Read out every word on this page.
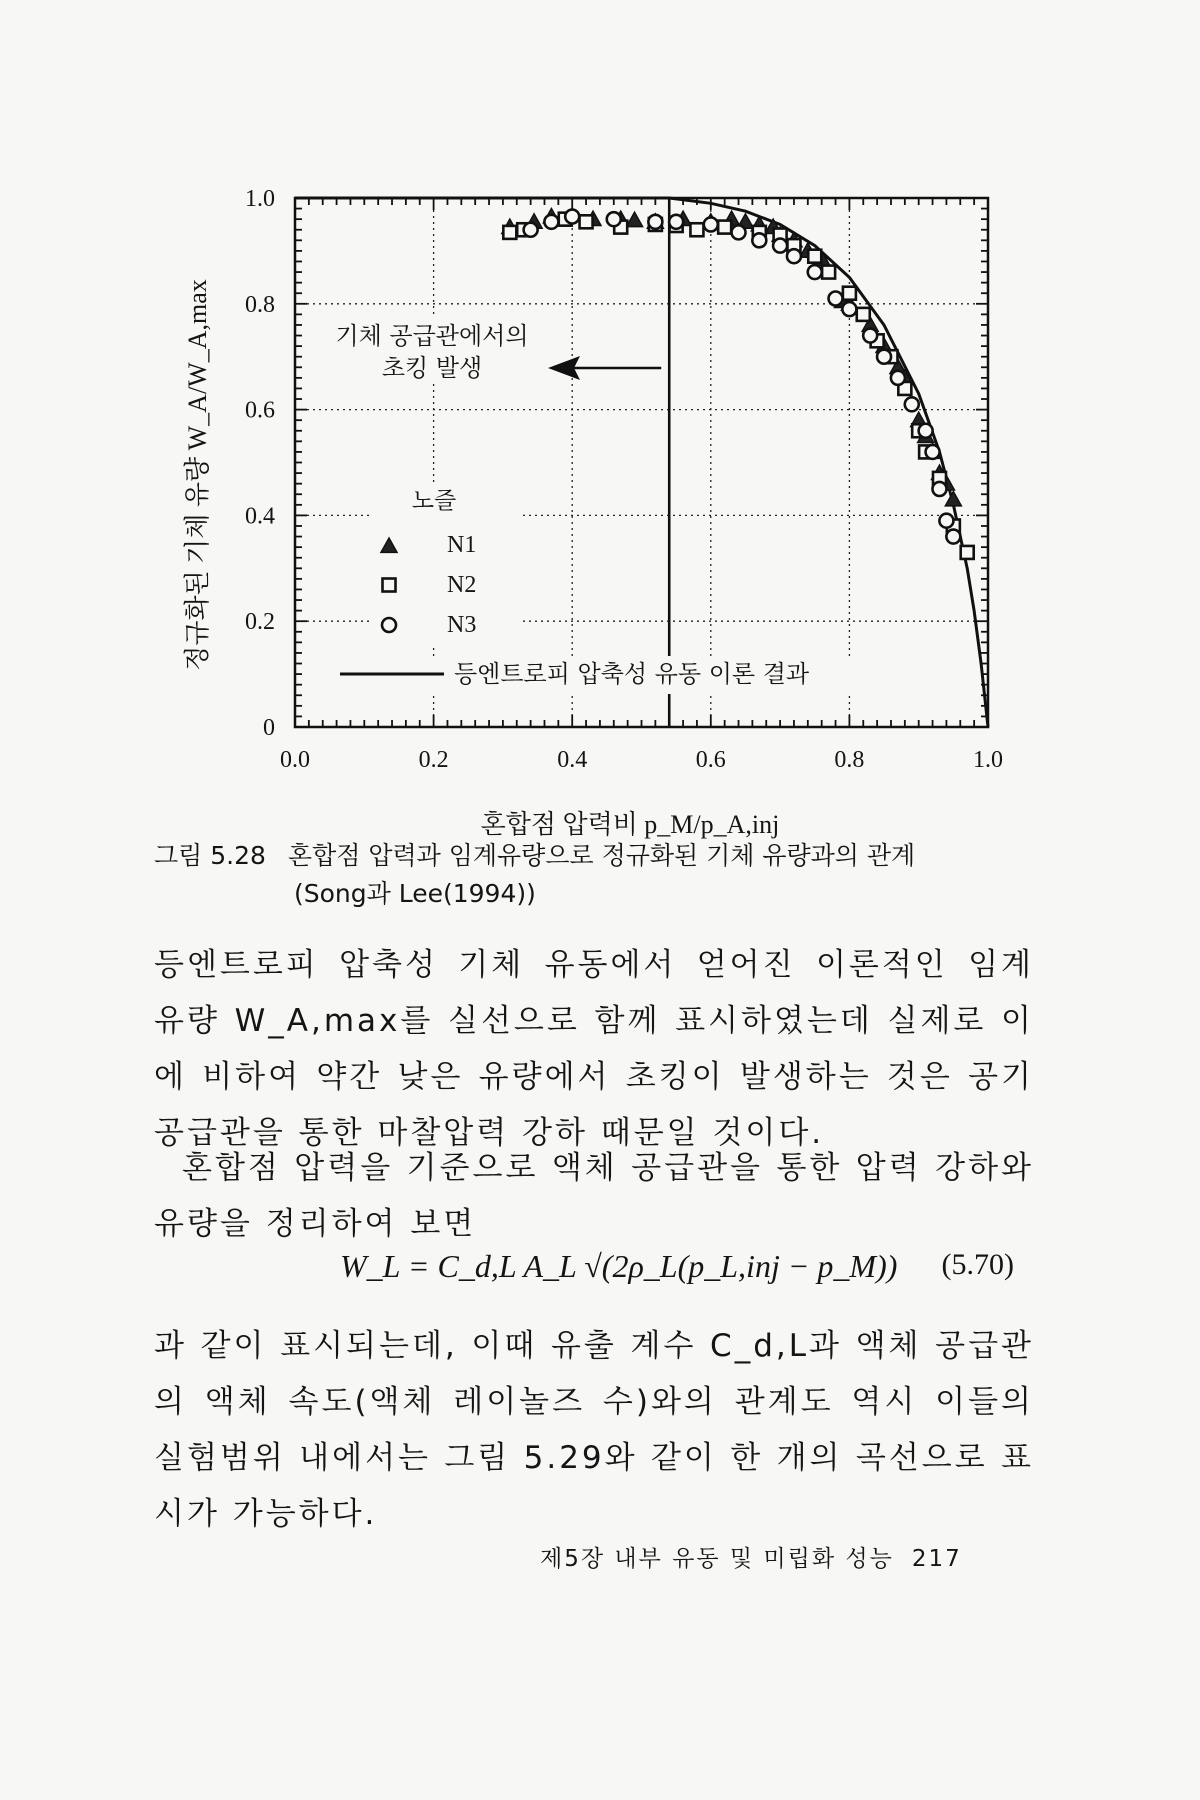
0.0	0.2	0.4	0.6	0.8	1.0
0
0.2
0.4
0.6
0.8
1.0
혼합점 압력비 p_M/p_A,inj
정규화된 기체 유량 W_A/W_A,max	기체 공급관에서의
초킹 발생
노즐
N1
N2
N3
등엔트로피 압축성 유동 이론 결과
그림 5.28 혼합점 압력과 임계유량으로 정규화된 기체 유량과의 관계
(Song과 Lee(1994))
등엔트로피 압축성 기체 유동에서 얻어진 이론적인 임계 유량 W_A,max를 실선으로 함께 표시하였는데 실제로 이에 비하여 약간 낮은 유량에서 초킹이 발생하는 것은 공기 공급관을 통한 마찰압력 강하 때문일 것이다.
혼합점 압력을 기준으로 액체 공급관을 통한 압력 강하와 유량을 정리하여 보면
W_L = C_d,L A_L √(2ρ_L(p_L,inj − p_M)) (5.70)
과 같이 표시되는데, 이때 유출 계수 C_d,L과 액체 공급관의 액체 속도(액체 레이놀즈 수)와의 관계도 역시 이들의 실험범위 내에서는 그림 5.29와 같이 한 개의 곡선으로 표시가 가능하다.
제5장 내부 유동 및 미립화 성능 217
